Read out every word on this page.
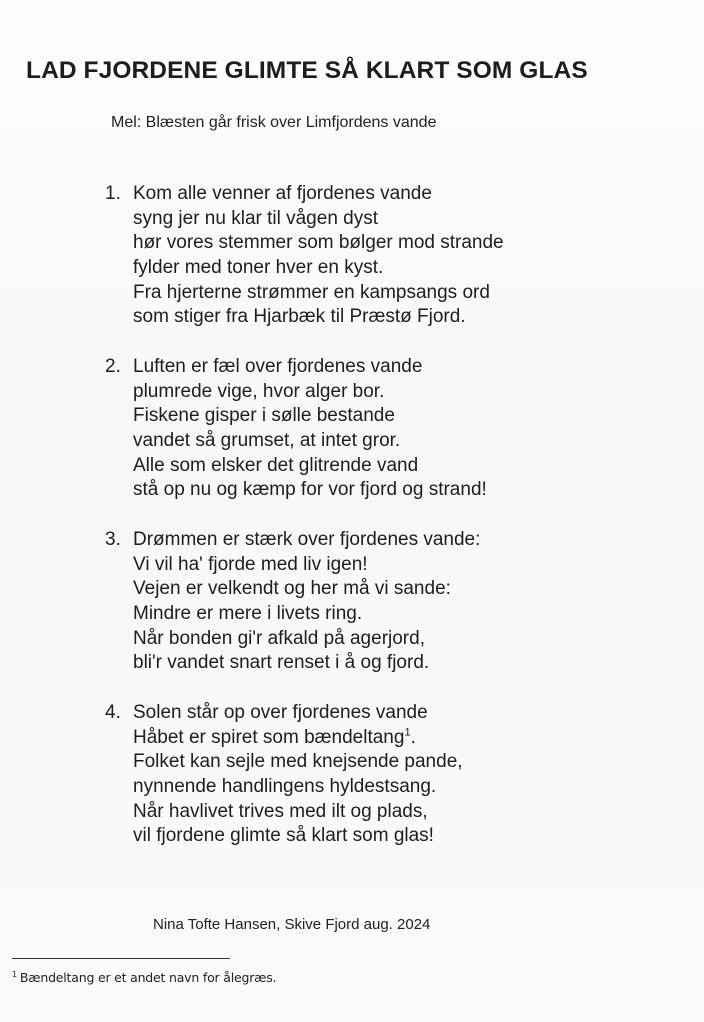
LAD FJORDENE GLIMTE SÅ KLART SOM GLAS
Mel: Blæsten går frisk over Limfjordens vande
1. Kom alle venner af fjordenes vande
syng jer nu klar til vågen dyst
hør vores stemmer som bølger mod strande
fylder med toner hver en kyst.
Fra hjerterne strømmer en kampsangs ord
som stiger fra Hjarbæk til Præstø Fjord.
2. Luften er fæl over fjordenes vande
plumrede vige, hvor alger bor.
Fiskene gisper i sølle bestande
vandet så grumset, at intet gror.
Alle som elsker det glitrende vand
stå op nu og kæmp for vor fjord og strand!
3. Drømmen er stærk over fjordenes vande:
Vi vil ha' fjorde med liv igen!
Vejen er velkendt og her må vi sande:
Mindre er mere i livets ring.
Når bonden gi'r afkald på agerjord,
bli'r vandet snart renset i å og fjord.
4. Solen står op over fjordenes vande
Håbet er spiret som bændeltang$^1$.
Folket kan sejle med knejsende pande,
nynnende handlingens hyldestsang.
Når havlivet trives med ilt og plads,
vil fjordene glimte så klart som glas!
Nina Tofte Hansen, Skive Fjord aug. 2024
$^1$ Bændeltang er et andet navn for ålegræs.
